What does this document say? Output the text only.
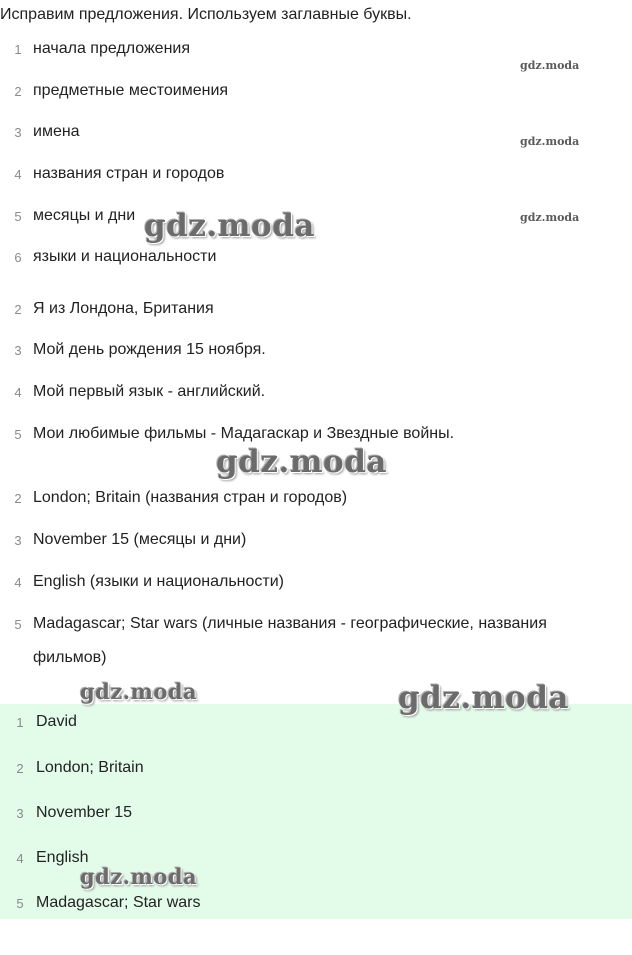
Исправим предложения. Используем заглавные буквы.
1 начала предложения
2 предметные местоимения
3 имена
4 названия стран и городов
5 месяцы и дни
6 языки и национальности
2 Я из Лондона, Британия
3 Мой день рождения 15 ноября.
4 Мой первый язык - английский.
5 Мои любимые фильмы - Мадагаскар и Звездные войны.
2 London; Britain (названия стран и городов)
3 November 15 (месяцы и дни)
4 English (языки и национальности)
5 Madagascar; Star wars (личные названия - географические, названия фильмов)
1 David
2 London; Britain
3 November 15
4 English
5 Madagascar; Star wars
gdz.moda
gdz.moda
gdz.moda
gdz.moda
gdz.moda
gdz.moda	gdz.moda
gdz.moda
